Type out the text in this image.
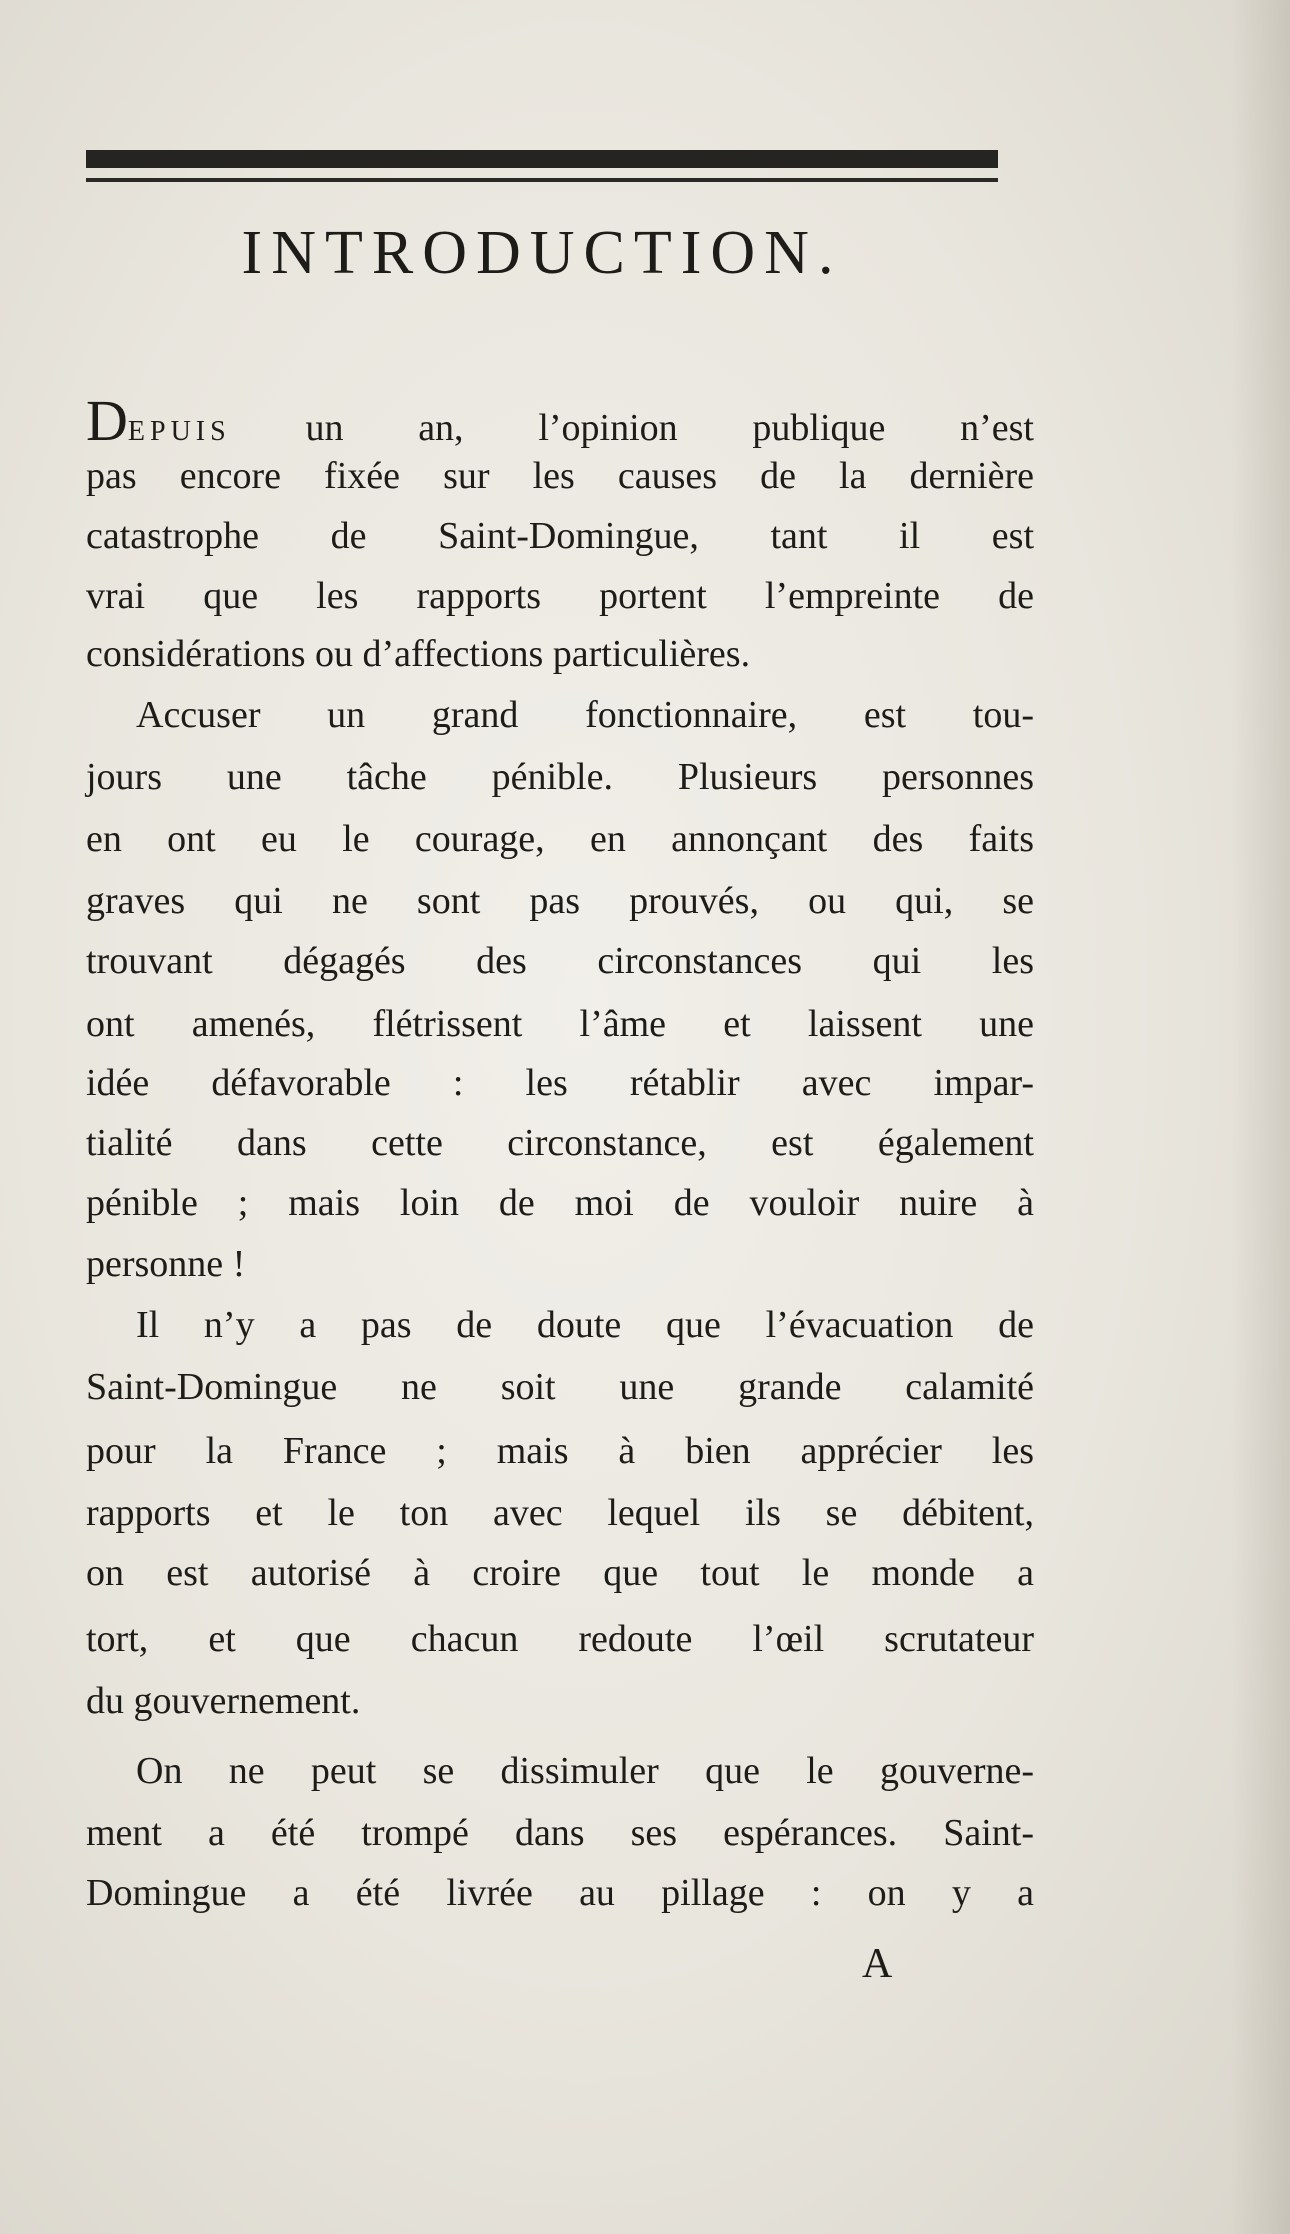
INTRODUCTION.
DEPUIS un an, l’opinion publique n’est
pas encore fixée sur les causes de la dernière
catastrophe de Saint-Domingue, tant il est
vrai que les rapports portent l’empreinte de
considérations ou d’affections particulières.
Accuser un grand fonctionnaire, est tou-
jours une tâche pénible. Plusieurs personnes
en ont eu le courage, en annonçant des faits
graves qui ne sont pas prouvés, ou qui, se
trouvant dégagés des circonstances qui les
ont amenés, flétrissent l’âme et laissent une
idée défavorable : les rétablir avec impar-
tialité dans cette circonstance, est également
pénible ; mais loin de moi de vouloir nuire à
personne !
Il n’y a pas de doute que l’évacuation de
Saint-Domingue ne soit une grande calamité
pour la France ; mais à bien apprécier les
rapports et le ton avec lequel ils se débitent,
on est autorisé à croire que tout le monde a
tort, et que chacun redoute l’œil scrutateur
du gouvernement.
On ne peut se dissimuler que le gouverne-
ment a été trompé dans ses espérances. Saint-
Domingue a été livrée au pillage : on y a
A
